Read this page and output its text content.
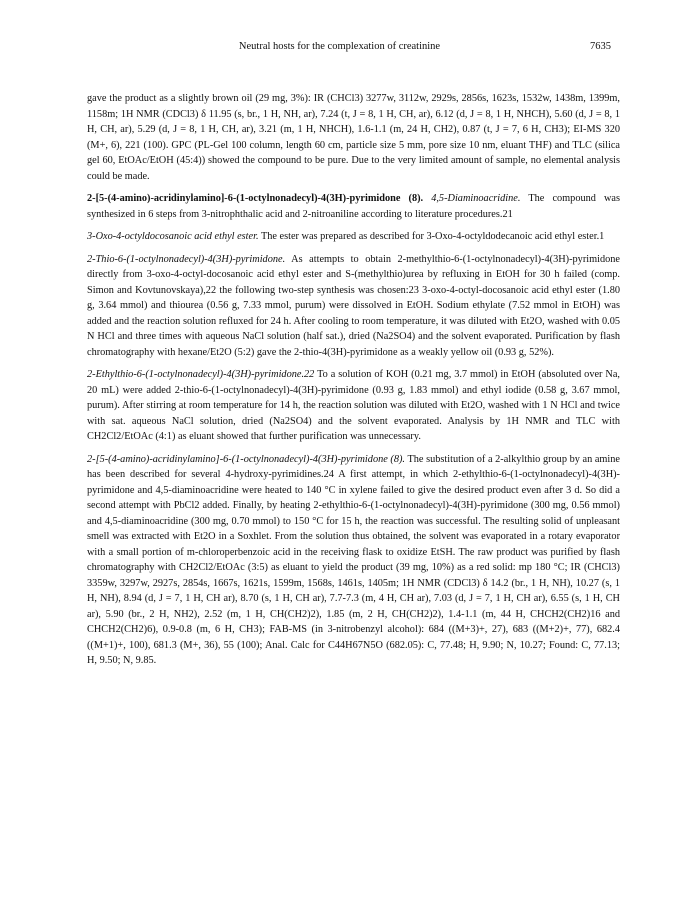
Neutral hosts for the complexation of creatinine	7635

gave the product as a slightly brown oil (29 mg, 3%): IR (CHCl3) 3277w, 3112w, 2929s, 2856s, 1623s, 1532w, 1438m, 1399m, 1158m; 1H NMR (CDCl3) δ 11.95 (s, br., 1 H, NH, ar), 7.24 (t, J = 8, 1 H, CH, ar), 6.12 (d, J = 8, 1 H, NHCH), 5.60 (d, J = 8, 1 H, CH, ar), 5.29 (d, J = 8, 1 H, CH, ar), 3.21 (m, 1 H, NHCH), 1.6-1.1 (m, 24 H, CH2), 0.87 (t, J = 7, 6 H, CH3); EI-MS 320 (M+, 6), 221 (100). GPC (PL-Gel 100 column, length 60 cm, particle size 5 mm, pore size 10 nm, eluant THF) and TLC (silica gel 60, EtOAc/EtOH (45:4)) showed the compound to be pure. Due to the very limited amount of sample, no elemental analysis could be made.

2-[5-(4-amino)-acridinylamino]-6-(1-octylnonadecyl)-4(3H)-pyrimidone (8). 4,5-Diaminoacridine. The compound was synthesized in 6 steps from 3-nitrophthalic acid and 2-nitroaniline according to literature procedures.21

3-Oxo-4-octyldocosanoic acid ethyl ester. The ester was prepared as described for 3-Oxo-4-octyldodecanoic acid ethyl ester.1

2-Thio-6-(1-octylnonadecyl)-4(3H)-pyrimidone. As attempts to obtain 2-methylthio-6-(1-octylnonadecyl)-4(3H)-pyrimidone directly from 3-oxo-4-octyl-docosanoic acid ethyl ester and S-(methylthio)urea by refluxing in EtOH for 30 h failed (comp. Simon and Kovtunovskaya),22 the following two-step synthesis was chosen:23 3-oxo-4-octyl-docosanoic acid ethyl ester (1.80 g, 3.64 mmol) and thiourea (0.56 g, 7.33 mmol, purum) were dissolved in EtOH. Sodium ethylate (7.52 mmol in EtOH) was added and the reaction solution refluxed for 24 h. After cooling to room temperature, it was diluted with Et2O, washed with 0.05 N HCl and three times with aqueous NaCl solution (half sat.), dried (Na2SO4) and the solvent evaporated. Purification by flash chromatography with hexane/Et2O (5:2) gave the 2-thio-4(3H)-pyrimidone as a weakly yellow oil (0.93 g, 52%).

2-Ethylthio-6-(1-octylnonadecyl)-4(3H)-pyrimidone.22 To a solution of KOH (0.21 mg, 3.7 mmol) in EtOH (absoluted over Na, 20 mL) were added 2-thio-6-(1-octylnonadecyl)-4(3H)-pyrimidone (0.93 g, 1.83 mmol) and ethyl iodide (0.58 g, 3.67 mmol, purum). After stirring at room temperature for 14 h, the reaction solution was diluted with Et2O, washed with 1 N HCl and twice with sat. aqueous NaCl solution, dried (Na2SO4) and the solvent evaporated. Analysis by 1H NMR and TLC with CH2Cl2/EtOAc (4:1) as eluant showed that further purification was unnecessary.

2-[5-(4-amino)-acridinylamino]-6-(1-octylnonadecyl)-4(3H)-pyrimidone (8). The substitution of a 2-alkylthio group by an amine has been described for several 4-hydroxy-pyrimidines.24 A first attempt, in which 2-ethylthio-6-(1-octylnonadecyl)-4(3H)-pyrimidone and 4,5-diaminoacridine were heated to 140 °C in xylene failed to give the desired product even after 3 d. So did a second attempt with PbCl2 added. Finally, by heating 2-ethylthio-6-(1-octylnonadecyl)-4(3H)-pyrimidone (300 mg, 0.56 mmol) and 4,5-diaminoacridine (300 mg, 0.70 mmol) to 150 °C for 15 h, the reaction was successful. The resulting solid of unpleasant smell was extracted with Et2O in a Soxhlet. From the solution thus obtained, the solvent was evaporated in a rotary evaporator with a small portion of m-chloroperbenzoic acid in the receiving flask to oxidize EtSH. The raw product was purified by flash chromatography with CH2Cl2/EtOAc (3:5) as eluant to yield the product (39 mg, 10%) as a red solid: mp 180 °C; IR (CHCl3) 3359w, 3297w, 2927s, 2854s, 1667s, 1621s, 1599m, 1568s, 1461s, 1405m; 1H NMR (CDCl3) δ 14.2 (br., 1 H, NH), 10.27 (s, 1 H, NH), 8.94 (d, J = 7, 1 H, CH ar), 8.70 (s, 1 H, CH ar), 7.7-7.3 (m, 4 H, CH ar), 7.03 (d, J = 7, 1 H, CH ar), 6.55 (s, 1 H, CH ar), 5.90 (br., 2 H, NH2), 2.52 (m, 1 H, CH(CH2)2), 1.85 (m, 2 H, CH(CH2)2), 1.4-1.1 (m, 44 H, CHCH2(CH2)16 and CHCH2(CH2)6), 0.9-0.8 (m, 6 H, CH3); FAB-MS (in 3-nitrobenzyl alcohol): 684 ((M+3)+, 27), 683 ((M+2)+, 77), 682.4 ((M+1)+, 100), 681.3 (M+, 36), 55 (100); Anal. Calc for C44H67N5O (682.05): C, 77.48; H, 9.90; N, 10.27; Found: C, 77.13; H, 9.50; N, 9.85.
